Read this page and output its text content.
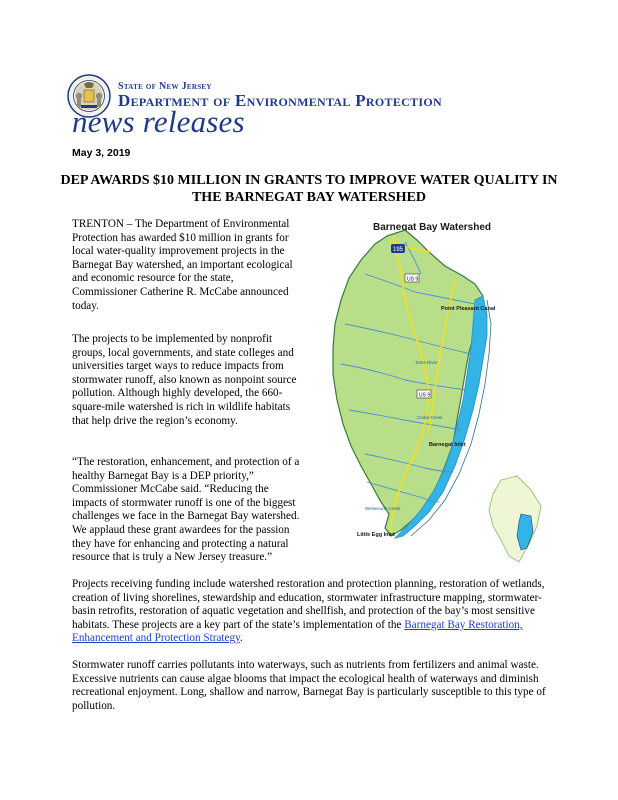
State of New Jersey
Department of Environmental Protection
news releases
May 3, 2019
DEP AWARDS $10 MILLION IN GRANTS TO IMPROVE WATER QUALITY IN THE BARNEGAT BAY WATERSHED

TRENTON – The Department of Environmental Protection has awarded $10 million in grants for local water-quality improvement projects in the Barnegat Bay watershed, an important ecological and economic resource for the state, Commissioner Catherine R. McCabe announced today.

The projects to be implemented by nonprofit groups, local governments, and state colleges and universities target ways to reduce impacts from stormwater runoff, also known as nonpoint source pollution. Although highly developed, the 660-square-mile watershed is rich in wildlife habitats that help drive the region’s economy.

“The restoration, enhancement, and protection of a healthy Barnegat Bay is a DEP priority,” Commissioner McCabe said. “Reducing the impacts of stormwater runoff is one of the biggest challenges we face in the Barnegat Bay watershed. We applaud these grant awardees for the passion they have for enhancing and protecting a natural resource that is truly a New Jersey treasure.”

Projects receiving funding include watershed restoration and protection planning, restoration of wetlands, creation of living shorelines, stewardship and education, stormwater infrastructure mapping, stormwater-basin retrofits, restoration of aquatic vegetation and shellfish, and protection of the bay’s most sensitive habitats. These projects are a key part of the state’s implementation of the Barnegat Bay Restoration, Enhancement and Protection Strategy.

Stormwater runoff carries pollutants into waterways, such as nutrients from fertilizers and animal waste. Excessive nutrients can cause algae blooms that impact the ecological health of waterways and diminish recreational enjoyment. Long, shallow and narrow, Barnegat Bay is particularly susceptible to this type of pollution.

Barnegat Bay Watershed
195
US 9
US 9
Point Pleasant Canal
Barnegat Inlet
Little Egg Inlet
Toms River
Cedar Creek
Westecunk Creek
